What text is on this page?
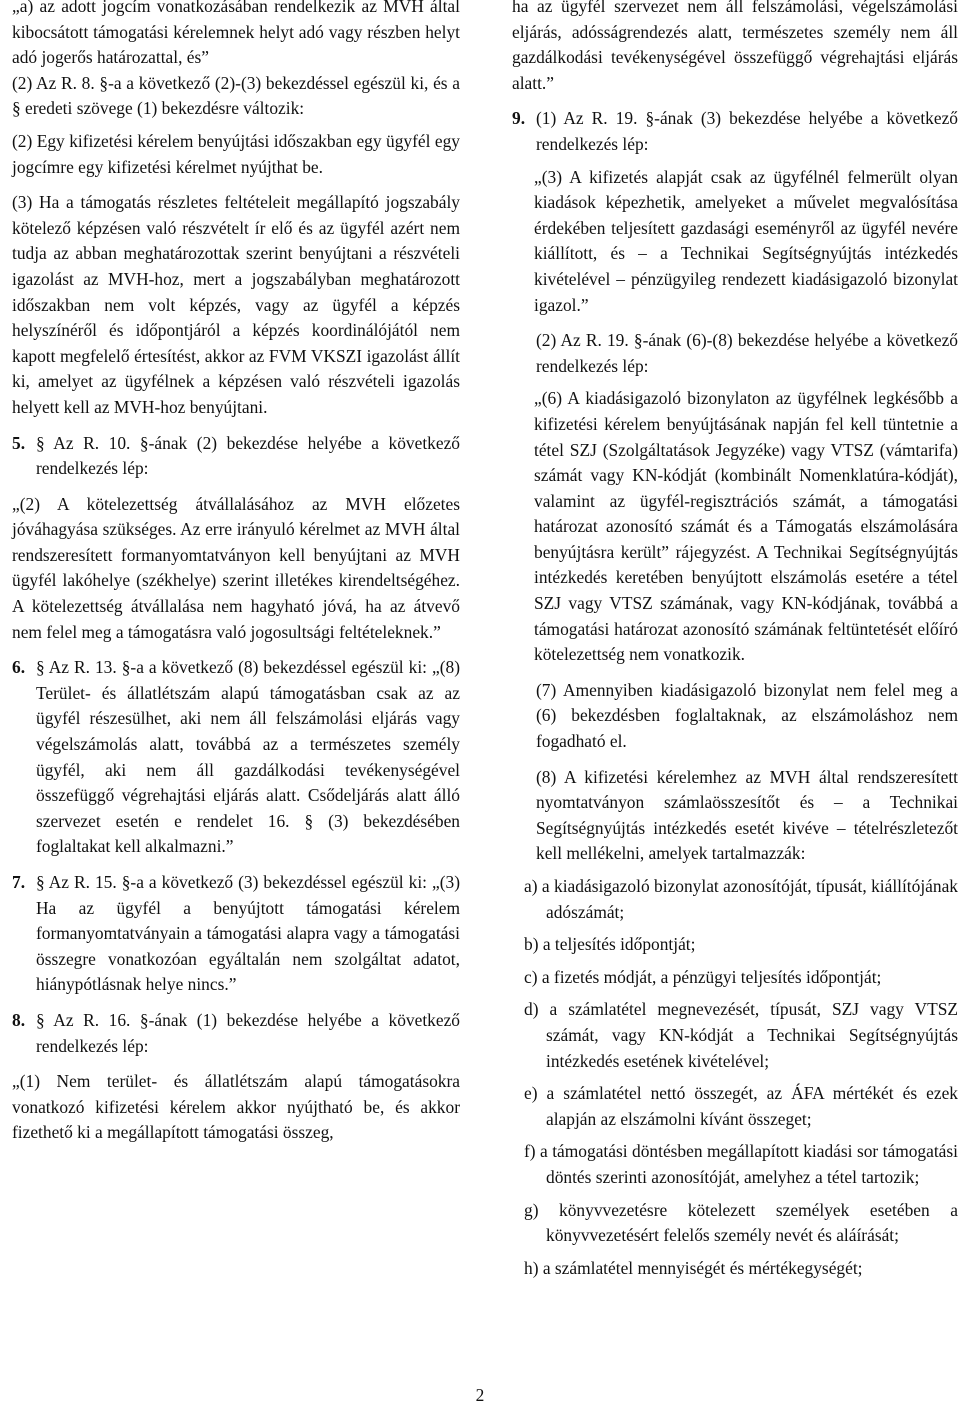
„a) az adott jogcím vonatkozásában rendelkezik az MVH által kibocsátott támogatási kérelemnek helyt adó vagy részben helyt adó jogerős határozattal, és”

(2) Az R. 8. §-a a következő (2)-(3) bekezdéssel egészül ki, és a § eredeti szövege (1) bekezdésre változik:

(2) Egy kifizetési kérelem benyújtási időszakban egy ügyfél egy jogcímre egy kifizetési kérelmet nyújthat be.

(3) Ha a támogatás részletes feltételeit megállapító jogszabály kötelező képzésen való részvételt ír elő és az ügyfél azért nem tudja az abban meghatározottak szerint benyújtani a részvételi igazolást az MVH-hoz, mert a jogszabályban meghatározott időszakban nem volt képzés, vagy az ügyfél a képzés helyszínéről és időpontjáról a képzés koordinálójától nem kapott megfelelő értesítést, akkor az FVM VKSZI igazolást állít ki, amelyet az ügyfélnek a képzésen való részvételi igazolás helyett kell az MVH-hoz benyújtani.

5. § Az R. 10. §-ának (2) bekezdése helyébe a következő rendelkezés lép:

„(2) A kötelezettség átvállalásához az MVH előzetes jóváhagyása szükséges. Az erre irányuló kérelmet az MVH által rendszeresített formanyomtatványon kell benyújtani az MVH ügyfél lakóhelye (székhelye) szerint illetékes kirendeltségéhez. A kötelezettség átvállalása nem hagyható jóvá, ha az átvevő nem felel meg a támogatásra való jogosultsági feltételeknek.”

6. § Az R. 13. §-a a következő (8) bekezdéssel egészül ki: „(8) Terület- és állatlétszám alapú támogatásban csak az az ügyfél részesülhet, aki nem áll felszámolási eljárás vagy végelszámolás alatt, továbbá az a természetes személy ügyfél, aki nem áll gazdálkodási tevékenységével összefüggő végrehajtási eljárás alatt. Csődeljárás alatt álló szervezet esetén e rendelet 16. § (3) bekezdésében foglaltakat kell alkalmazni.”

7. § Az R. 15. §-a a következő (3) bekezdéssel egészül ki: „(3) Ha az ügyfél a benyújtott támogatási kérelem formanyomtatványain a támogatási alapra vagy a támogatási összegre vonatkozóan egyáltalán nem szolgáltat adatot, hiánypótlásnak helye nincs.”

8. § Az R. 16. §-ának (1) bekezdése helyébe a következő rendelkezés lép:

„(1) Nem terület- és állatlétszám alapú támogatásokra vonatkozó kifizetési kérelem akkor nyújtható be, és akkor fizethető ki a megállapított támogatási összeg,

ha az ügyfél szervezet nem áll felszámolási, végelszámolási eljárás, adósságrendezés alatt, természetes személy nem áll gazdálkodási tevékenységével összefüggő végrehajtási eljárás alatt.”

9. (1) Az R. 19. §-ának (3) bekezdése helyébe a következő rendelkezés lép:

„(3) A kifizetés alapját csak az ügyfélnél felmerült olyan kiadások képezhetik, amelyeket a művelet megvalósítása érdekében teljesített gazdasági eseményről az ügyfél nevére kiállított, és – a Technikai Segítségnyújtás intézkedés kivételével – pénzügyileg rendezett kiadásigazoló bizonylat igazol.”

(2) Az R. 19. §-ának (6)-(8) bekezdése helyébe a következő rendelkezés lép:

„(6) A kiadásigazoló bizonylaton az ügyfélnek legkésőbb a kifizetési kérelem benyújtásának napján fel kell tüntetnie a tétel SZJ (Szolgáltatások Jegyzéke) vagy VTSZ (vámtarifa) számát vagy KN-kódját (kombinált Nomenklatúra-kódját), valamint az ügyfél-regisztrációs számát, a támogatási határozat azonosító számát és a Támogatás elszámolására benyújtásra került” rájegyzést. A Technikai Segítségnyújtás intézkedés keretében benyújtott elszámolás esetére a tétel SZJ vagy VTSZ számának, vagy KN-kódjának, továbbá a támogatási határozat azonosító számának feltüntetését előíró kötelezettség nem vonatkozik.

(7) Amennyiben kiadásigazoló bizonylat nem felel meg a (6) bekezdésben foglaltaknak, az elszámoláshoz nem fogadható el.

(8) A kifizetési kérelemhez az MVH által rendszeresített nyomtatványon számlaösszesítőt és – a Technikai Segítségnyújtás intézkedés esetét kivéve – tételrészletezőt kell mellékelni, amelyek tartalmazzák:

a) a kiadásigazoló bizonylat azonosítóját, típusát, kiállítójának adószámát;

b) a teljesítés időpontját;

c) a fizetés módját, a pénzügyi teljesítés időpontját;

d) a számlatétel megnevezését, típusát, SZJ vagy VTSZ számát, vagy KN-kódját a Technikai Segítségnyújtás intézkedés esetének kivételével;

e) a számlatétel nettó összegét, az ÁFA mértékét és ezek alapján az elszámolni kívánt összeget;

f) a támogatási döntésben megállapított kiadási sor támogatási döntés szerinti azonosítóját, amelyhez a tétel tartozik;

g) könyvvezetésre kötelezett személyek esetében a könyvvezetésért felelős személy nevét és aláírását;

h) a számlatétel mennyiségét és mértékegységét;

2
